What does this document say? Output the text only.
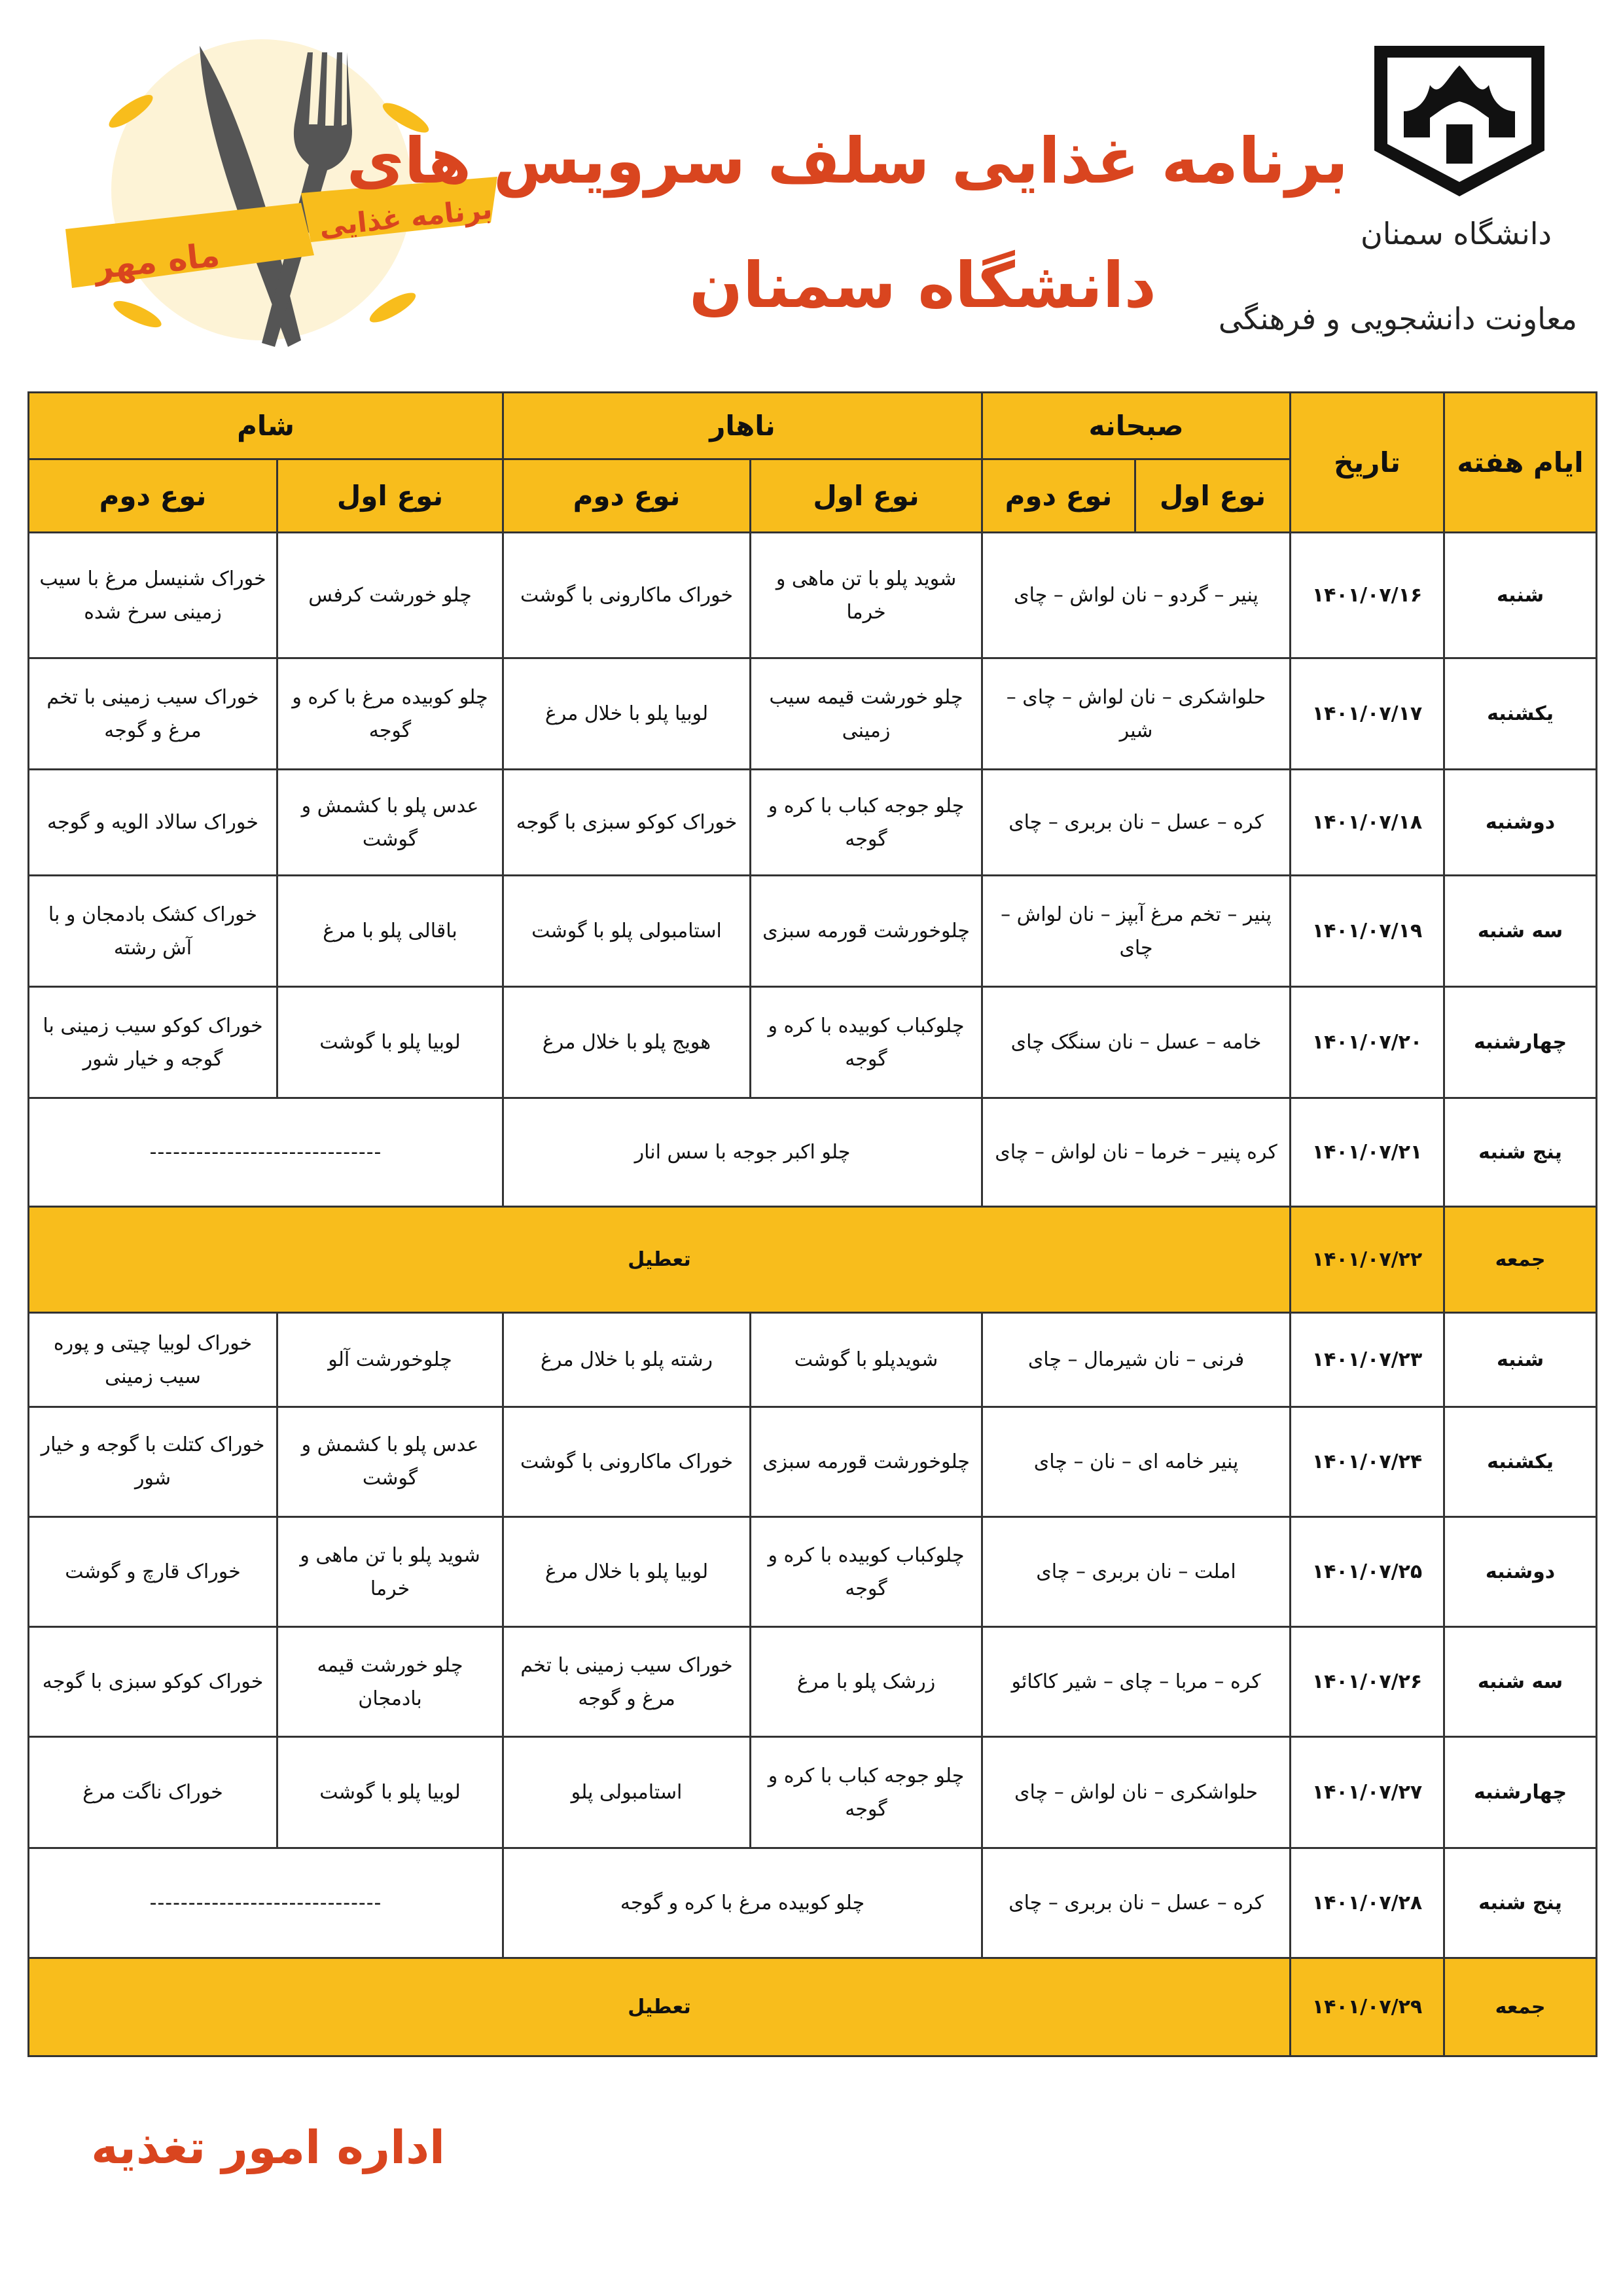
برنامه غذایی
ماه مهر
برنامه غذایی سلف سرویس های
دانشگاه سمنان
دانشگاه سمنان
معاونت دانشجویی و فرهنگی
ایام هفته	تاریخ	صبحانه		ناهار		شام	
		نوع اول	نوع دوم	نوع اول	نوع دوم	نوع اول	نوع دوم
شنبه	۱۴۰۱/۰۷/۱۶	پنیر – گردو – نان لواش – چای		شوید پلو با تن ماهی و خرما	خوراک ماکارونی با گوشت	چلو خورشت کرفس	خوراک شنیسل مرغ با سیب زمینی سرخ شده
یکشنبه	۱۴۰۱/۰۷/۱۷	حلواشکری – نان لواش – چای – شیر		چلو خورشت قیمه سیب زمینی	لوبیا پلو با خلال مرغ	چلو کوبیده مرغ با کره و گوجه	خوراک سیب زمینی با تخم مرغ و گوجه
دوشنبه	۱۴۰۱/۰۷/۱۸	کره – عسل – نان بربری – چای		چلو جوجه کباب با کره و گوجه	خوراک کوکو سبزی با گوجه	عدس پلو با کشمش و گوشت	خوراک سالاد الویه و گوجه
سه شنبه	۱۴۰۱/۰۷/۱۹	پنیر – تخم مرغ آبپز – نان لواش – چای		چلوخورشت قورمه سبزی	استامبولی پلو با گوشت	باقالی پلو با مرغ	خوراک کشک بادمجان و با آش رشته
چهارشنبه	۱۴۰۱/۰۷/۲۰	خامه – عسل – نان سنگک چای		چلوکباب کوبیده با کره و گوجه	هویج پلو با خلال مرغ	لوبیا پلو با گوشت	خوراک کوکو سیب زمینی با گوجه و خیار شور
پنج شنبه	۱۴۰۱/۰۷/۲۱	کره پنیر – خرما – نان لواش – چای		چلو اکبر جوجه با سس انار		------------------------------	
جمعه	۱۴۰۱/۰۷/۲۲	تعطیل					
شنبه	۱۴۰۱/۰۷/۲۳	فرنی – نان شیرمال – چای		شویدپلو با گوشت	رشته پلو با خلال مرغ	چلوخورشت آلو	خوراک لوبیا چیتی و پوره سیب زمینی
یکشنبه	۱۴۰۱/۰۷/۲۴	پنیر خامه ای – نان – چای		چلوخورشت قورمه سبزی	خوراک ماکارونی با گوشت	عدس پلو با کشمش و گوشت	خوراک کتلت با گوجه و خیار شور
دوشنبه	۱۴۰۱/۰۷/۲۵	املت – نان بربری – چای		چلوکباب کوبیده با کره و گوجه	لوبیا پلو با خلال مرغ	شوید پلو با تن ماهی و خرما	خوراک قارچ و گوشت
سه شنبه	۱۴۰۱/۰۷/۲۶	کره – مربا – چای – شیر کاکائو		زرشک پلو با مرغ	خوراک سیب زمینی با تخم مرغ و گوجه	چلو خورشت قیمه بادمجان	خوراک کوکو سبزی با گوجه
چهارشنبه	۱۴۰۱/۰۷/۲۷	حلواشکری – نان لواش – چای		چلو جوجه کباب با کره و گوجه	استامبولی پلو	لوبیا پلو با گوشت	خوراک ناگت مرغ
پنج شنبه	۱۴۰۱/۰۷/۲۸	کره – عسل – نان بربری – چای		چلو کوبیده مرغ با کره و گوجه		------------------------------	
جمعه	۱۴۰۱/۰۷/۲۹	تعطیل					
اداره امور تغذیه
